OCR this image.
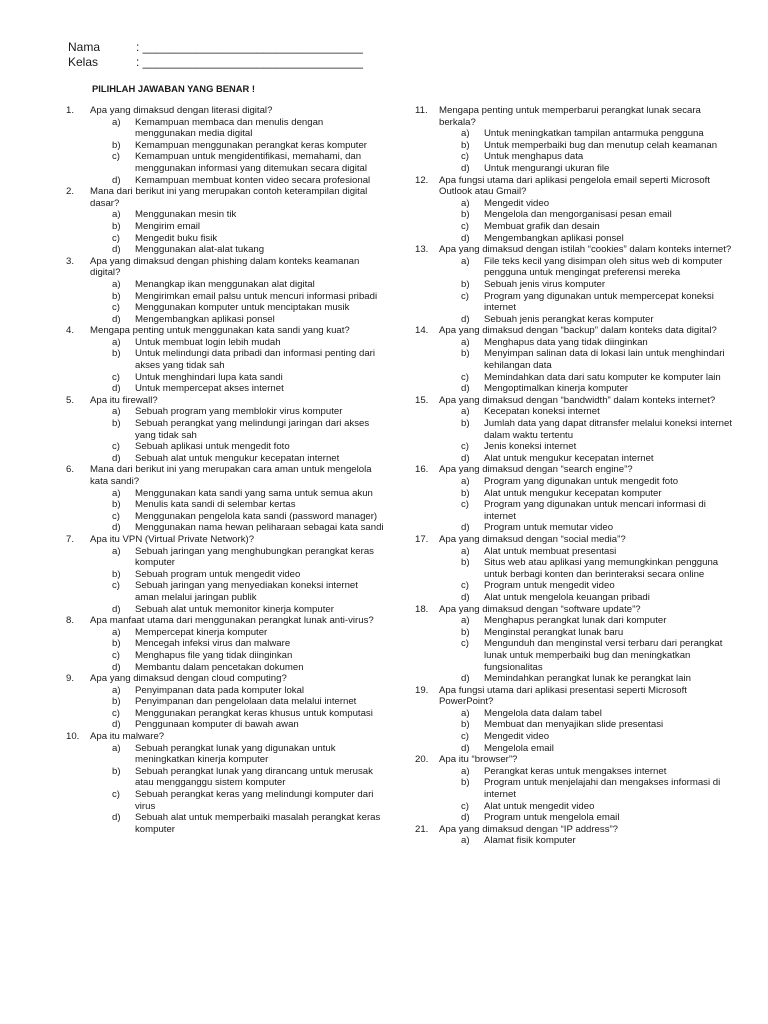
Nama	: _________________________________
Kelas	: _________________________________
PILIHLAH JAWABAN YANG BENAR !
1.	Apa yang dimaksud dengan literasi digital?
a)	Kemampuan membaca dan menulis dengan menggunakan media digital
b)	Kemampuan menggunakan perangkat keras komputer
c)	Kemampuan untuk mengidentifikasi, memahami, dan menggunakan informasi yang ditemukan secara digital
d)	Kemampuan membuat konten video secara profesional
2.	Mana dari berikut ini yang merupakan contoh keterampilan digital dasar?
a)	Menggunakan mesin tik
b)	Mengirim email
c)	Mengedit buku fisik
d)	Menggunakan alat-alat tukang
3.	Apa yang dimaksud dengan phishing dalam konteks keamanan digital?
a)	Menangkap ikan menggunakan alat digital
b)	Mengirimkan email palsu untuk mencuri informasi pribadi
c)	Menggunakan komputer untuk menciptakan musik
d)	Mengembangkan aplikasi ponsel
4.	Mengapa penting untuk menggunakan kata sandi yang kuat?
a)	Untuk membuat login lebih mudah
b)	Untuk melindungi data pribadi dan informasi penting dari akses yang tidak sah
c)	Untuk menghindari lupa kata sandi
d)	Untuk mempercepat akses internet
5.	Apa itu firewall?
a)	Sebuah program yang memblokir virus komputer
b)	Sebuah perangkat yang melindungi jaringan dari akses yang tidak sah
c)	Sebuah aplikasi untuk mengedit foto
d)	Sebuah alat untuk mengukur kecepatan internet
6.	Mana dari berikut ini yang merupakan cara aman untuk mengelola kata sandi?
a)	Menggunakan kata sandi yang sama untuk semua akun
b)	Menulis kata sandi di selembar kertas
c)	Menggunakan pengelola kata sandi (password manager)
d)	Menggunakan nama hewan peliharaan sebagai kata sandi
7.	Apa itu VPN (Virtual Private Network)?
a)	Sebuah jaringan yang menghubungkan perangkat keras komputer
b)	Sebuah program untuk mengedit video
c)	Sebuah jaringan yang menyediakan koneksi internet aman melalui jaringan publik
d)	Sebuah alat untuk memonitor kinerja komputer
8.	Apa manfaat utama dari menggunakan perangkat lunak anti-virus?
a)	Mempercepat kinerja komputer
b)	Mencegah infeksi virus dan malware
c)	Menghapus file yang tidak diinginkan
d)	Membantu dalam pencetakan dokumen
9.	Apa yang dimaksud dengan cloud computing?
a)	Penyimpanan data pada komputer lokal
b)	Penyimpanan dan pengelolaan data melalui internet
c)	Menggunakan perangkat keras khusus untuk komputasi
d)	Penggunaan komputer di bawah awan
10.	Apa itu malware?
a)	Sebuah perangkat lunak yang digunakan untuk meningkatkan kinerja komputer
b)	Sebuah perangkat lunak yang dirancang untuk merusak atau mengganggu sistem komputer
c)	Sebuah perangkat keras yang melindungi komputer dari virus
d)	Sebuah alat untuk memperbaiki masalah perangkat keras komputer
11.	Mengapa penting untuk memperbarui perangkat lunak secara berkala?
a)	Untuk meningkatkan tampilan antarmuka pengguna
b)	Untuk memperbaiki bug dan menutup celah keamanan
c)	Untuk menghapus data
d)	Untuk mengurangi ukuran file
12.	Apa fungsi utama dari aplikasi pengelola email seperti Microsoft Outlook atau Gmail?
a)	Mengedit video
b)	Mengelola dan mengorganisasi pesan email
c)	Membuat grafik dan desain
d)	Mengembangkan aplikasi ponsel
13.	Apa yang dimaksud dengan istilah “cookies” dalam konteks internet?
a)	File teks kecil yang disimpan oleh situs web di komputer pengguna untuk mengingat preferensi mereka
b)	Sebuah jenis virus komputer
c)	Program yang digunakan untuk mempercepat koneksi internet
d)	Sebuah jenis perangkat keras komputer
14.	Apa yang dimaksud dengan “backup” dalam konteks data digital?
a)	Menghapus data yang tidak diinginkan
b)	Menyimpan salinan data di lokasi lain untuk menghindari kehilangan data
c)	Memindahkan data dari satu komputer ke komputer lain
d)	Mengoptimalkan kinerja komputer
15.	Apa yang dimaksud dengan “bandwidth” dalam konteks internet?
a)	Kecepatan koneksi internet
b)	Jumlah data yang dapat ditransfer melalui koneksi internet dalam waktu tertentu
c)	Jenis koneksi internet
d)	Alat untuk mengukur kecepatan internet
16.	Apa yang dimaksud dengan “search engine”?
a)	Program yang digunakan untuk mengedit foto
b)	Alat untuk mengukur kecepatan komputer
c)	Program yang digunakan untuk mencari informasi di internet
d)	Program untuk memutar video
17.	Apa yang dimaksud dengan “social media”?
a)	Alat untuk membuat presentasi
b)	Situs web atau aplikasi yang memungkinkan pengguna untuk berbagi konten dan berinteraksi secara online
c)	Program untuk mengedit video
d)	Alat untuk mengelola keuangan pribadi
18.	Apa yang dimaksud dengan “software update”?
a)	Menghapus perangkat lunak dari komputer
b)	Menginstal perangkat lunak baru
c)	Mengunduh dan menginstal versi terbaru dari perangkat lunak untuk memperbaiki bug dan meningkatkan fungsionalitas
d)	Memindahkan perangkat lunak ke perangkat lain
19.	Apa fungsi utama dari aplikasi presentasi seperti Microsoft PowerPoint?
a)	Mengelola data dalam tabel
b)	Membuat dan menyajikan slide presentasi
c)	Mengedit video
d)	Mengelola email
20.	Apa itu “browser”?
a)	Perangkat keras untuk mengakses internet
b)	Program untuk menjelajahi dan mengakses informasi di internet
c)	Alat untuk mengedit video
d)	Program untuk mengelola email
21.	Apa yang dimaksud dengan “IP address”?
a)	Alamat fisik komputer
